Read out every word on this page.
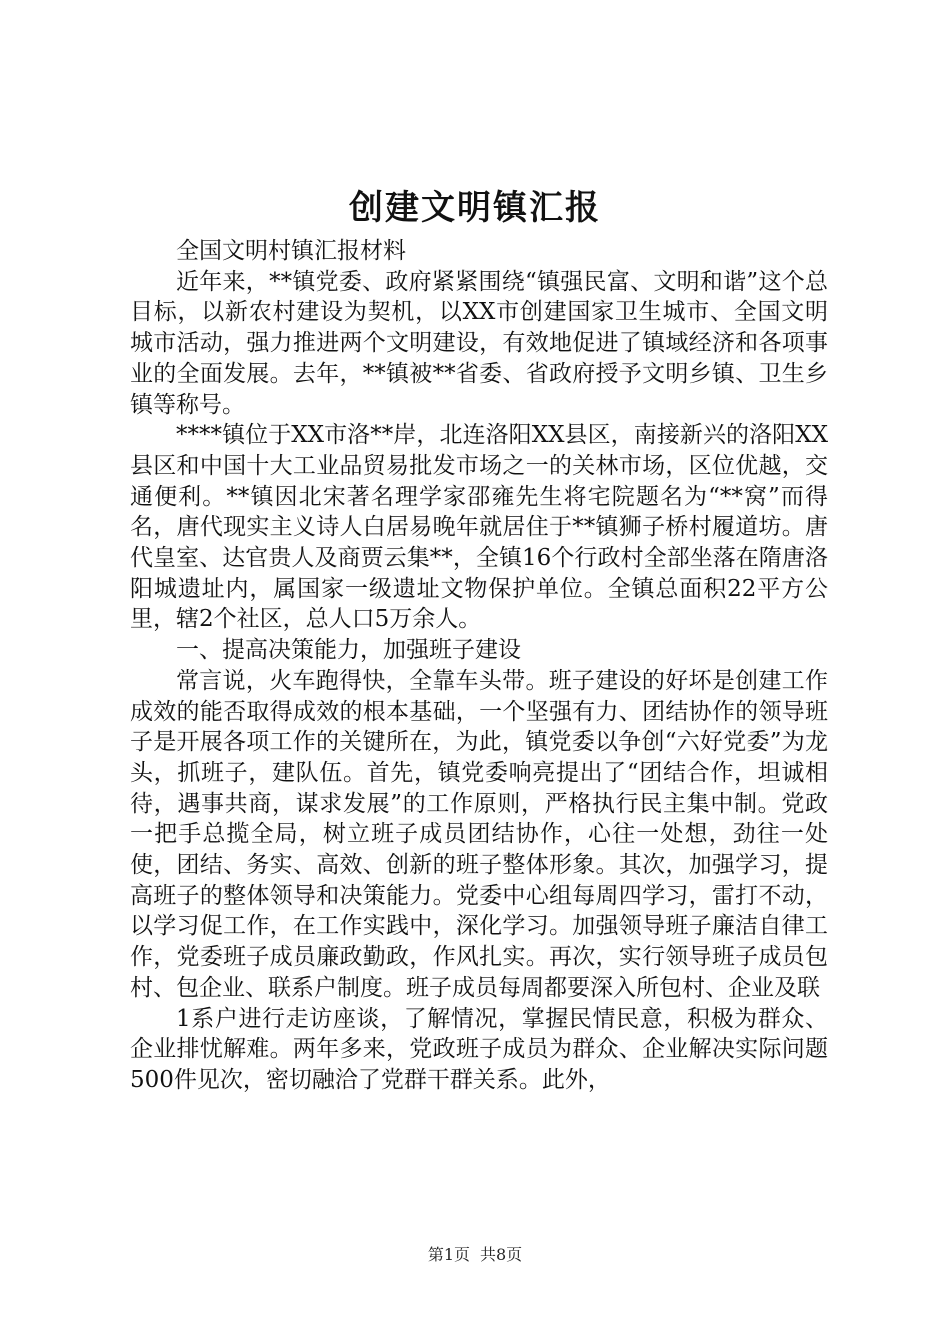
创建文明镇汇报

全国文明村镇汇报材料

近年来，**镇党委、政府紧紧围绕“镇强民富、文明和谐”这个总目标，以新农村建设为契机，以XX市创建国家卫生城市、全国文明城市活动，强力推进两个文明建设，有效地促进了镇域经济和各项事业的全面发展。去年，**镇被**省委、省政府授予文明乡镇、卫生乡镇等称号。

****镇位于XX市洛**岸，北连洛阳XX县区，南接新兴的洛阳XX县区和中国十大工业品贸易批发市场之一的关林市场，区位优越，交通便利。**镇因北宋著名理学家邵雍先生将宅院题名为“**窝”而得名，唐代现实主义诗人白居易晚年就居住于**镇狮子桥村履道坊。唐代皇室、达官贵人及商贾云集**，全镇16个行政村全部坐落在隋唐洛阳城遗址内，属国家一级遗址文物保护单位。全镇总面积22平方公里，辖2个社区，总人口5万余人。

一、提高决策能力，加强班子建设

常言说，火车跑得快，全靠车头带。班子建设的好坏是创建工作成效的能否取得成效的根本基础，一个坚强有力、团结协作的领导班子是开展各项工作的关键所在，为此，镇党委以争创“六好党委”为龙头，抓班子，建队伍。首先，镇党委响亮提出了“团结合作，坦诚相待，遇事共商，谋求发展”的工作原则，严格执行民主集中制。党政一把手总揽全局，树立班子成员团结协作，心往一处想，劲往一处使，团结、务实、高效、创新的班子整体形象。其次，加强学习，提高班子的整体领导和决策能力。党委中心组每周四学习，雷打不动，以学习促工作，在工作实践中，深化学习。加强领导班子廉洁自律工作，党委班子成员廉政勤政，作风扎实。再次，实行领导班子成员包村、包企业、联系户制度。班子成员每周都要深入所包村、企业及联

1系户进行走访座谈，了解情况，掌握民情民意，积极为群众、企业排忧解难。两年多来，党政班子成员为群众、企业解决实际问题500件见次，密切融洽了党群干群关系。此外，

第1页 共8页
